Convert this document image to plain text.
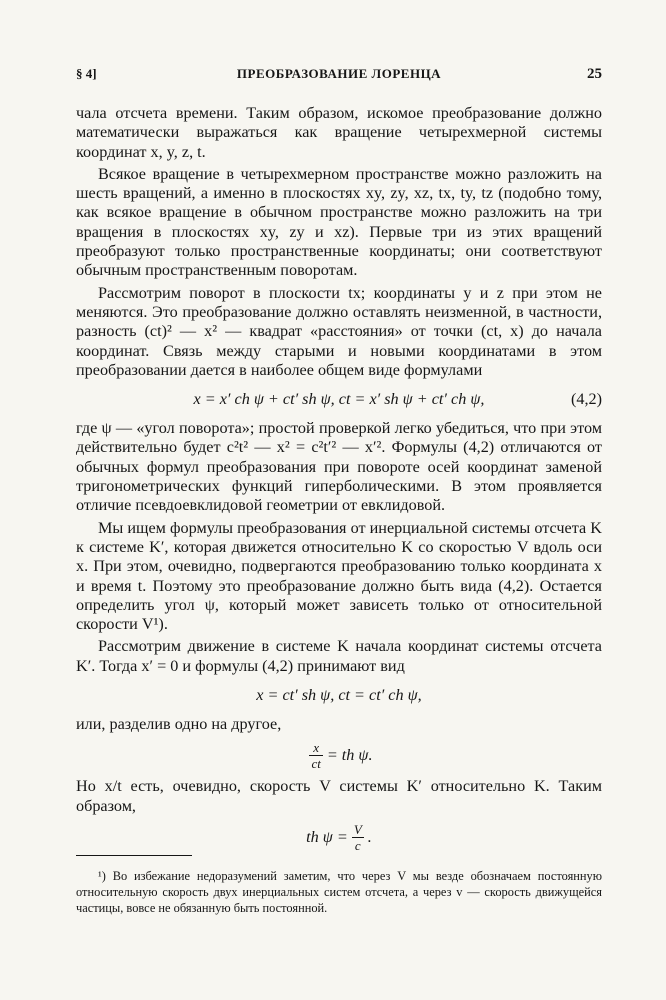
§ 4]	ПРЕОБРАЗОВАНИЕ ЛОРЕНЦА	25

чала отсчета времени. Таким образом, искомое преобразование должно математически выражаться как вращение четырехмерной системы координат x, y, z, t.

Всякое вращение в четырехмерном пространстве можно разложить на шесть вращений, а именно в плоскостях xy, zy, xz, tx, ty, tz (подобно тому, как всякое вращение в обычном пространстве можно разложить на три вращения в плоскостях xy, zy и xz). Первые три из этих вращений преобразуют только пространственные координаты; они соответствуют обычным пространственным поворотам.

Рассмотрим поворот в плоскости tx; координаты y и z при этом не меняются. Это преобразование должно оставлять неизменной, в частности, разность (ct)² — x² — квадрат «расстояния» от точки (ct, x) до начала координат. Связь между старыми и новыми координатами в этом преобразовании дается в наиболее общем виде формулами

x = x′ ch ψ + ct′ sh ψ, ct = x′ sh ψ + ct′ ch ψ,	(4,2)

где ψ — «угол поворота»; простой проверкой легко убедиться, что при этом действительно будет c²t² — x² = c²t′² — x′². Формулы (4,2) отличаются от обычных формул преобразования при повороте осей координат заменой тригонометрических функций гиперболическими. В этом проявляется отличие псевдоевклидовой геометрии от евклидовой.

Мы ищем формулы преобразования от инерциальной системы отсчета K к системе K′, которая движется относительно K со скоростью V вдоль оси x. При этом, очевидно, подвергаются преобразованию только координата x и время t. Поэтому это преобразование должно быть вида (4,2). Остается определить угол ψ, который может зависеть только от относительной скорости V¹).

Рассмотрим движение в системе K начала координат системы отсчета K′. Тогда x′ = 0 и формулы (4,2) принимают вид

x = ct′ sh ψ, ct = ct′ ch ψ,

или, разделив одно на другое,

$\frac{x}{ct}$ = th ψ.

Но x/t есть, очевидно, скорость V системы K′ относительно K. Таким образом,

th $\psi = \frac{V}{c}$ .

¹) Во избежание недоразумений заметим, что через V мы везде обозначаем постоянную относительную скорость двух инерциальных систем отсчета, а через v — скорость движущейся частицы, вовсе не обязанную быть постоянной.
